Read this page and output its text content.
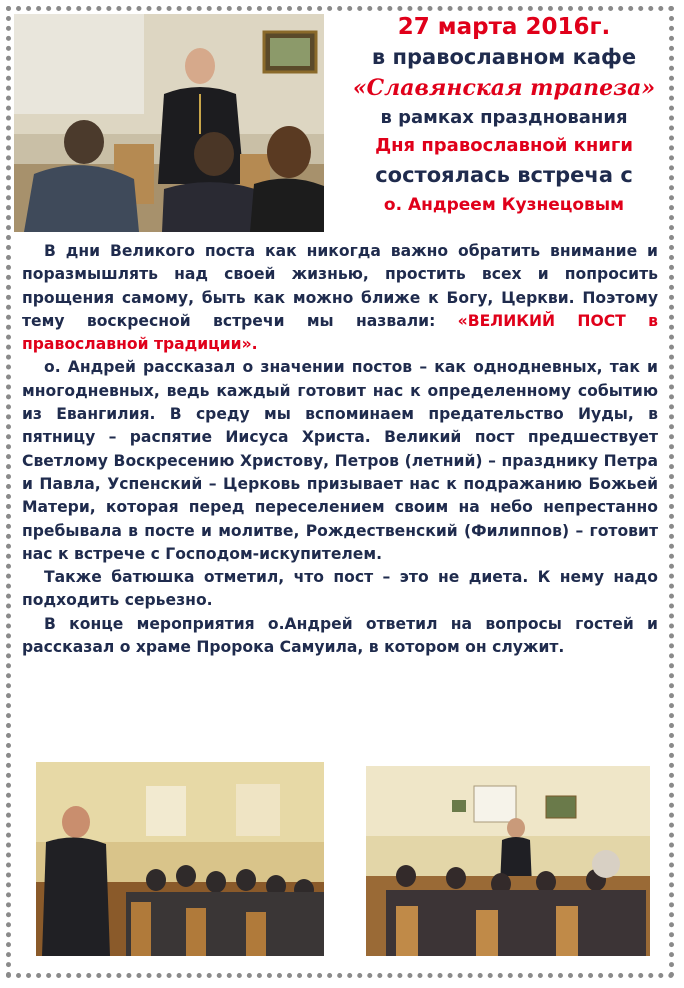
27 марта 2016г.
в православном кафе
«Славянская трапеза»
в рамках празднования
Дня православной книги
состоялась встреча с
о. Андреем Кузнецовым

В дни Великого поста как никогда важно обратить внимание и поразмышлять над своей жизнью, простить всех и попросить прощения самому, быть как можно ближе к Богу, Церкви. Поэтому тему воскресной встречи мы назвали: «ВЕЛИКИЙ ПОСТ в православной традиции».

о. Андрей рассказал о значении постов – как однодневных, так и многодневных, ведь каждый готовит нас к определенному событию из Евангилия. В среду мы вспоминаем предательство Иуды, в пятницу – распятие Иисуса Христа. Великий пост предшествует Светлому Воскресению Христову, Петров (летний) – празднику Петра и Павла, Успенский – Церковь призывает нас к подражанию Божьей Матери, которая перед переселением своим на небо непрестанно пребывала в посте и молитве, Рождественский (Филиппов) – готовит нас к встрече с Господом-искупителем.

Также батюшка отметил, что пост – это не диета. К нему надо подходить серьезно.

В конце мероприятия о.Андрей ответил на вопросы гостей и рассказал о храме Пророка Самуила, в котором он служит.
